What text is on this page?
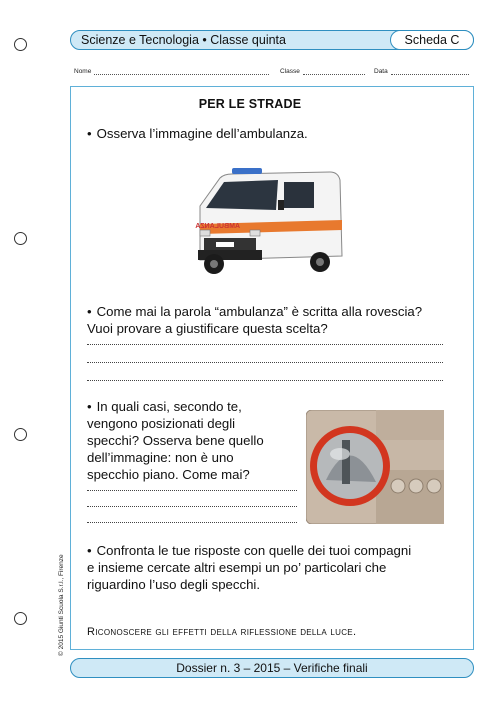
Scienze e Tecnologia • Classe quinta	Scheda C
Nome	Classe	Data
PER LE STRADE
• Osserva l’immagine dell’ambulanza.
AMBULANZA
• Come mai la parola “ambulanza” è scritta alla rovescia?
Vuoi provare a giustificare questa scelta?
• In quali casi, secondo te,
vengono posizionati degli
specchi? Osserva bene quello
dell’immagine: non è uno
specchio piano. Come mai?
• Confronta le tue risposte con quelle dei tuoi compagni
e insieme cercate altri esempi un po’ particolari che
riguardino l’uso degli specchi.
Riconoscere gli effetti della riflessione della luce.
Dossier n. 3 – 2015 – Verifiche finali
© 2015 Giunti Scuola S.r.l., Firenze
